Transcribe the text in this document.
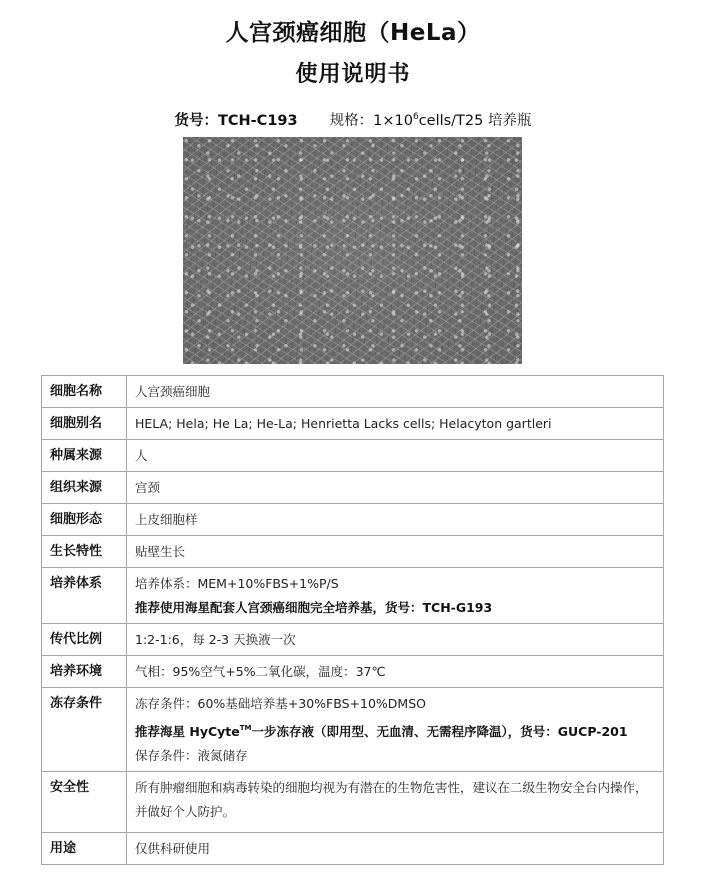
人宫颈癌细胞（HeLa）
使用说明书
货号：TCH-C193 规格：$1\times 10^6cells/T25$ 培养瓶
细胞名称	人宫颈癌细胞

细胞别名	HELA; Hela; He La; He-La; Henrietta Lacks cells; Helacyton gartleri

种属来源	人

组织来源	宫颈

细胞形态	上皮细胞样

生长特性	贴壁生长

培养体系	培养体系：MEM+10%FBS+1%P/S
推荐使用海星配套人宫颈癌细胞完全培养基，货号：TCH-G193

传代比例	1:2-1:6，每 2-3 天换液一次

培养环境	气相：95%空气+5%二氧化碳，温度：37℃

冻存条件	冻存条件：60%基础培养基+30%FBS+10%DMSO
推荐海星 HyCyte™一步冻存液（即用型、无血清、无需程序降温），货号：GUCP-201
保存条件：液氮储存

安全性	所有肿瘤细胞和病毒转染的细胞均视为有潜在的生物危害性，建议在二级生物安全台内操作，并做好个人防护。

用途	仅供科研使用
